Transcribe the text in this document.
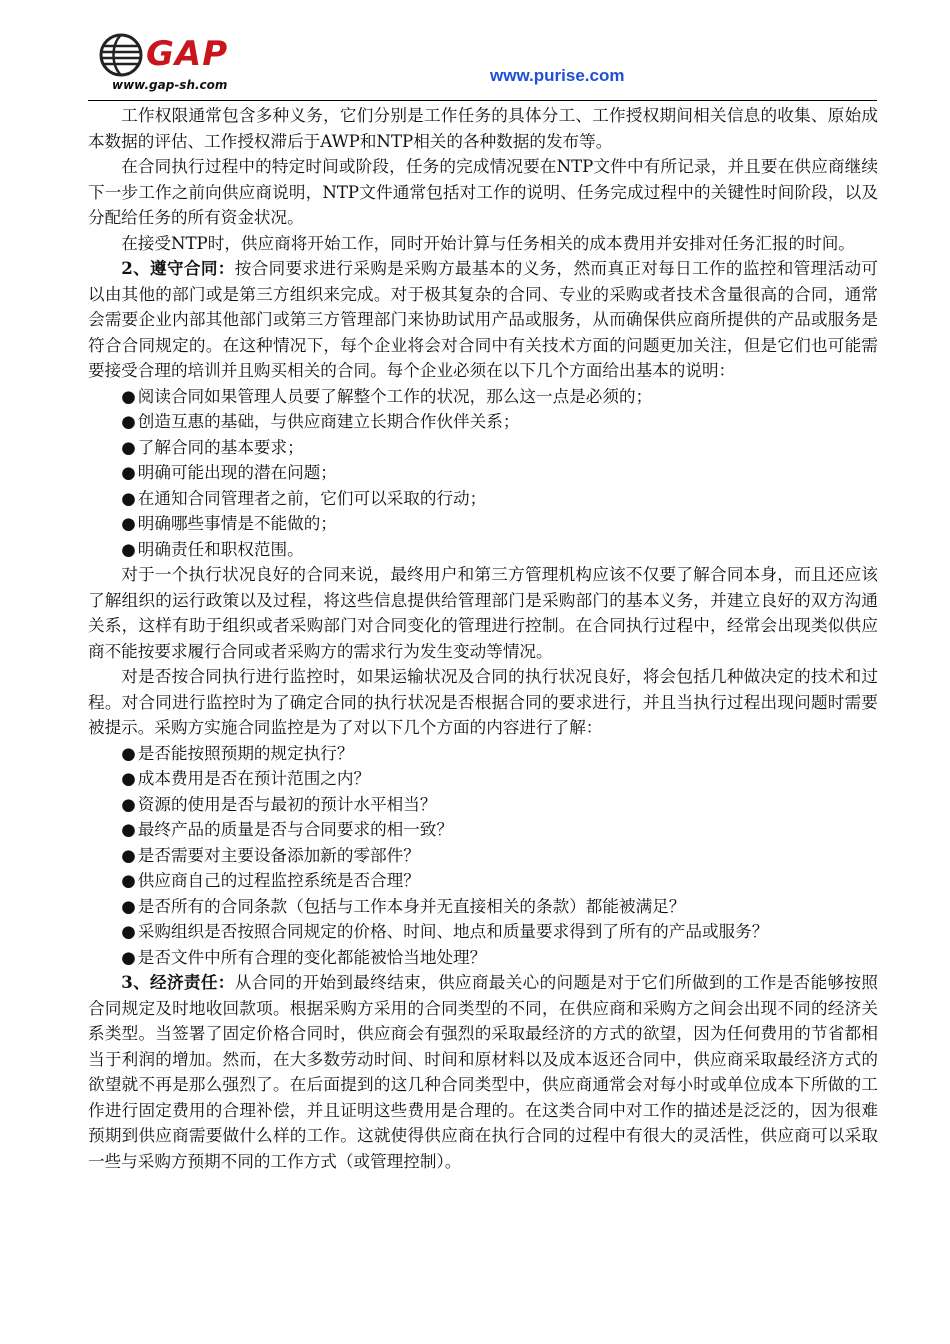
GAP
www.gap-sh.com	www.purise.com

工作权限通常包含多种义务，它们分别是工作任务的具体分工、工作授权期间相关信息的收集、原始成本数据的评估、工作授权滞后于AWP和NTP相关的各种数据的发布等。

在合同执行过程中的特定时间或阶段，任务的完成情况要在NTP文件中有所记录，并且要在供应商继续下一步工作之前向供应商说明，NTP文件通常包括对工作的说明、任务完成过程中的关键性时间阶段，以及分配给任务的所有资金状况。

在接受NTP时，供应商将开始工作，同时开始计算与任务相关的成本费用并安排对任务汇报的时间。

2、遵守合同：按合同要求进行采购是采购方最基本的义务，然而真正对每日工作的监控和管理活动可以由其他的部门或是第三方组织来完成。对于极其复杂的合同、专业的采购或者技术含量很高的合同，通常会需要企业内部其他部门或第三方管理部门来协助试用产品或服务，从而确保供应商所提供的产品或服务是符合合同规定的。在这种情况下，每个企业将会对合同中有关技术方面的问题更加关注，但是它们也可能需要接受合理的培训并且购买相关的合同。每个企业必须在以下几个方面给出基本的说明：

● 阅读合同如果管理人员要了解整个工作的状况，那么这一点是必须的；
● 创造互惠的基础，与供应商建立长期合作伙伴关系；
● 了解合同的基本要求；
● 明确可能出现的潜在问题；
● 在通知合同管理者之前，它们可以采取的行动；
● 明确哪些事情是不能做的；
● 明确责任和职权范围。

对于一个执行状况良好的合同来说，最终用户和第三方管理机构应该不仅要了解合同本身，而且还应该了解组织的运行政策以及过程，将这些信息提供给管理部门是采购部门的基本义务，并建立良好的双方沟通关系，这样有助于组织或者采购部门对合同变化的管理进行控制。在合同执行过程中，经常会出现类似供应商不能按要求履行合同或者采购方的需求行为发生变动等情况。

对是否按合同执行进行监控时，如果运输状况及合同的执行状况良好，将会包括几种做决定的技术和过程。对合同进行监控时为了确定合同的执行状况是否根据合同的要求进行，并且当执行过程出现问题时需要被提示。采购方实施合同监控是为了对以下几个方面的内容进行了解：

● 是否能按照预期的规定执行？
● 成本费用是否在预计范围之内？
● 资源的使用是否与最初的预计水平相当？
● 最终产品的质量是否与合同要求的相一致？
● 是否需要对主要设备添加新的零部件？
● 供应商自己的过程监控系统是否合理？
● 是否所有的合同条款（包括与工作本身并无直接相关的条款）都能被满足？
● 采购组织是否按照合同规定的价格、时间、地点和质量要求得到了所有的产品或服务？
● 是否文件中所有合理的变化都能被恰当地处理？

3、经济责任：从合同的开始到最终结束，供应商最关心的问题是对于它们所做到的工作是否能够按照合同规定及时地收回款项。根据采购方采用的合同类型的不同，在供应商和采购方之间会出现不同的经济关系类型。当签署了固定价格合同时，供应商会有强烈的采取最经济的方式的欲望，因为任何费用的节省都相当于利润的增加。然而，在大多数劳动时间、时间和原材料以及成本返还合同中，供应商采取最经济方式的欲望就不再是那么强烈了。在后面提到的这几种合同类型中，供应商通常会对每小时或单位成本下所做的工作进行固定费用的合理补偿，并且证明这些费用是合理的。在这类合同中对工作的描述是泛泛的，因为很难预期到供应商需要做什么样的工作。这就使得供应商在执行合同的过程中有很大的灵活性，供应商可以采取一些与采购方预期不同的工作方式（或管理控制）。
